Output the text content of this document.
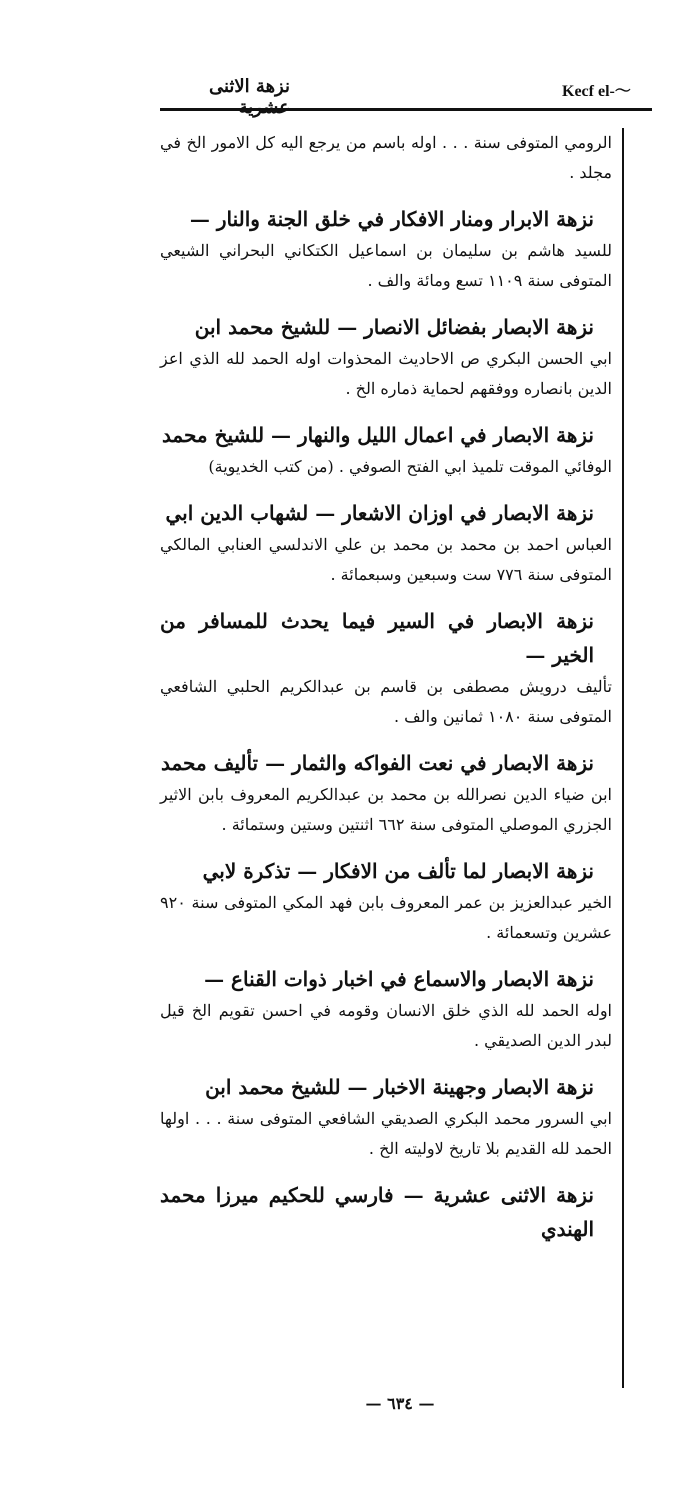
Kecf el-〜
نزهة الاثنى عشرية
الرومي المتوفى سنة . . . اوله باسم من يرجع اليه كل الامور الخ في مجلد .
نزهة الابرار ومنار الافكار في خلق الجنة والنار —
للسيد هاشم بن سليمان بن اسماعيل الكتكاني البحراني الشيعي المتوفى سنة ١١٠٩ تسع ومائة والف .
نزهة الابصار بفضائل الانصار — للشيخ محمد ابن
ابي الحسن البكري ص الاحاديث المحذوات اوله الحمد لله الذي اعز الدين بانصاره ووفقهم لحماية ذماره الخ .
نزهة الابصار في اعمال الليل والنهار — للشيخ محمد
الوفائي الموقت تلميذ ابي الفتح الصوفي . (من كتب الخديوية)
نزهة الابصار في اوزان الاشعار — لشهاب الدين ابي
العباس احمد بن محمد بن محمد بن علي الاندلسي العنابي المالكي المتوفى سنة ٧٧٦ ست وسبعين وسبعمائة .
نزهة الابصار في السير فيما يحدث للمسافر من الخير —
تأليف درويش مصطفى بن قاسم بن عبدالكريم الحلبي الشافعي المتوفى سنة ١٠٨٠ ثمانين والف .
نزهة الابصار في نعت الفواكه والثمار — تأليف محمد
ابن ضياء الدين نصرالله بن محمد بن عبدالكريم المعروف بابن الاثير الجزري الموصلي المتوفى سنة ٦٦٢ اثنتين وستين وستمائة .
نزهة الابصار لما تألف من الافكار — تذكرة لابي
الخير عبدالعزيز بن عمر المعروف بابن فهد المكي المتوفى سنة ٩٢٠ عشرين وتسعمائة .
نزهة الابصار والاسماع في اخبار ذوات القناع —
اوله الحمد لله الذي خلق الانسان وقومه في احسن تقويم الخ قيل لبدر الدين الصديقي .
نزهة الابصار وجهينة الاخبار — للشيخ محمد ابن
ابي السرور محمد البكري الصديقي الشافعي المتوفى سنة . . . اولها الحمد لله القديم بلا تاريخ لاوليته الخ .
نزهة الاثنى عشرية — فارسي للحكيم ميرزا محمد الهندي
— ٦٣٤ —
